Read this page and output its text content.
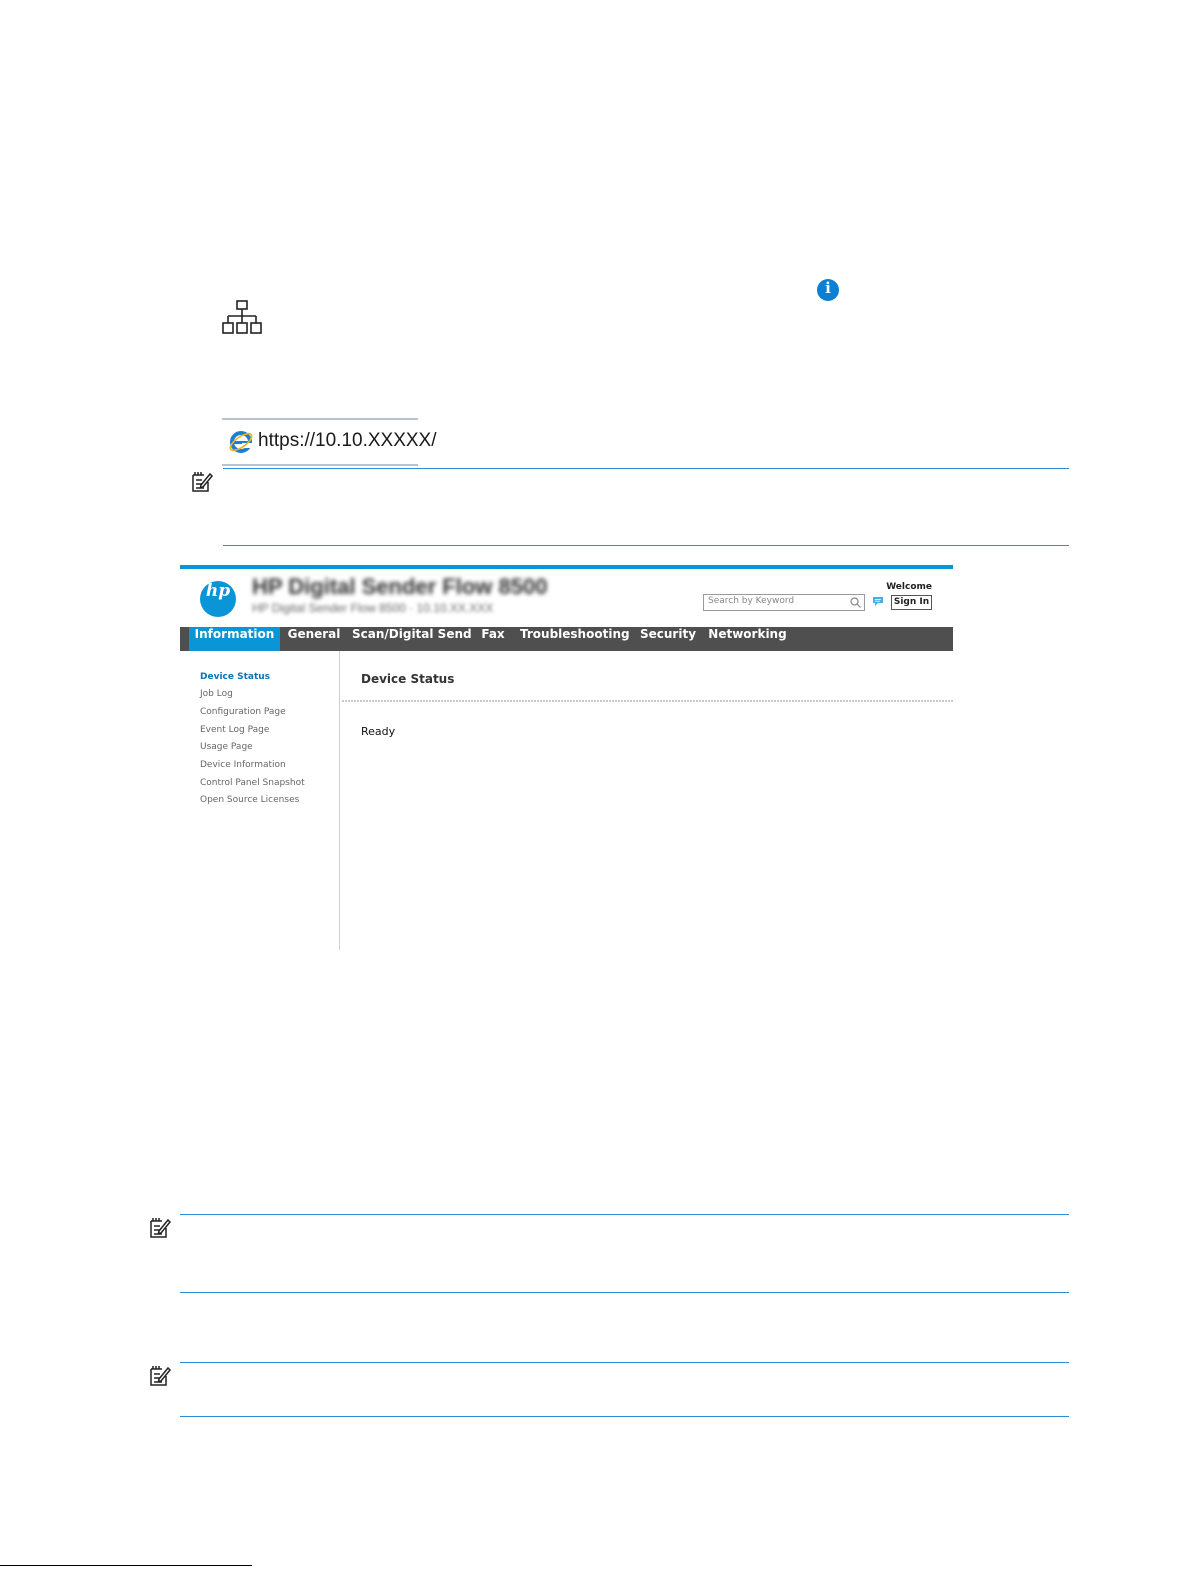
i
https://10.10.XXXXX/
hp HP Digital Sender Flow 8500
HP Digital Sender Flow 8500 · 10.10.XX.XXX	Search by Keyword
Welcome
Sign In
Information	General Scan/Digital Send Fax	Troubleshooting Security	Networking
Device Status
Job Log
Configuration Page
Event Log Page
Usage Page
Device Information
Control Panel Snapshot
Open Source Licenses
Device Status
Ready
